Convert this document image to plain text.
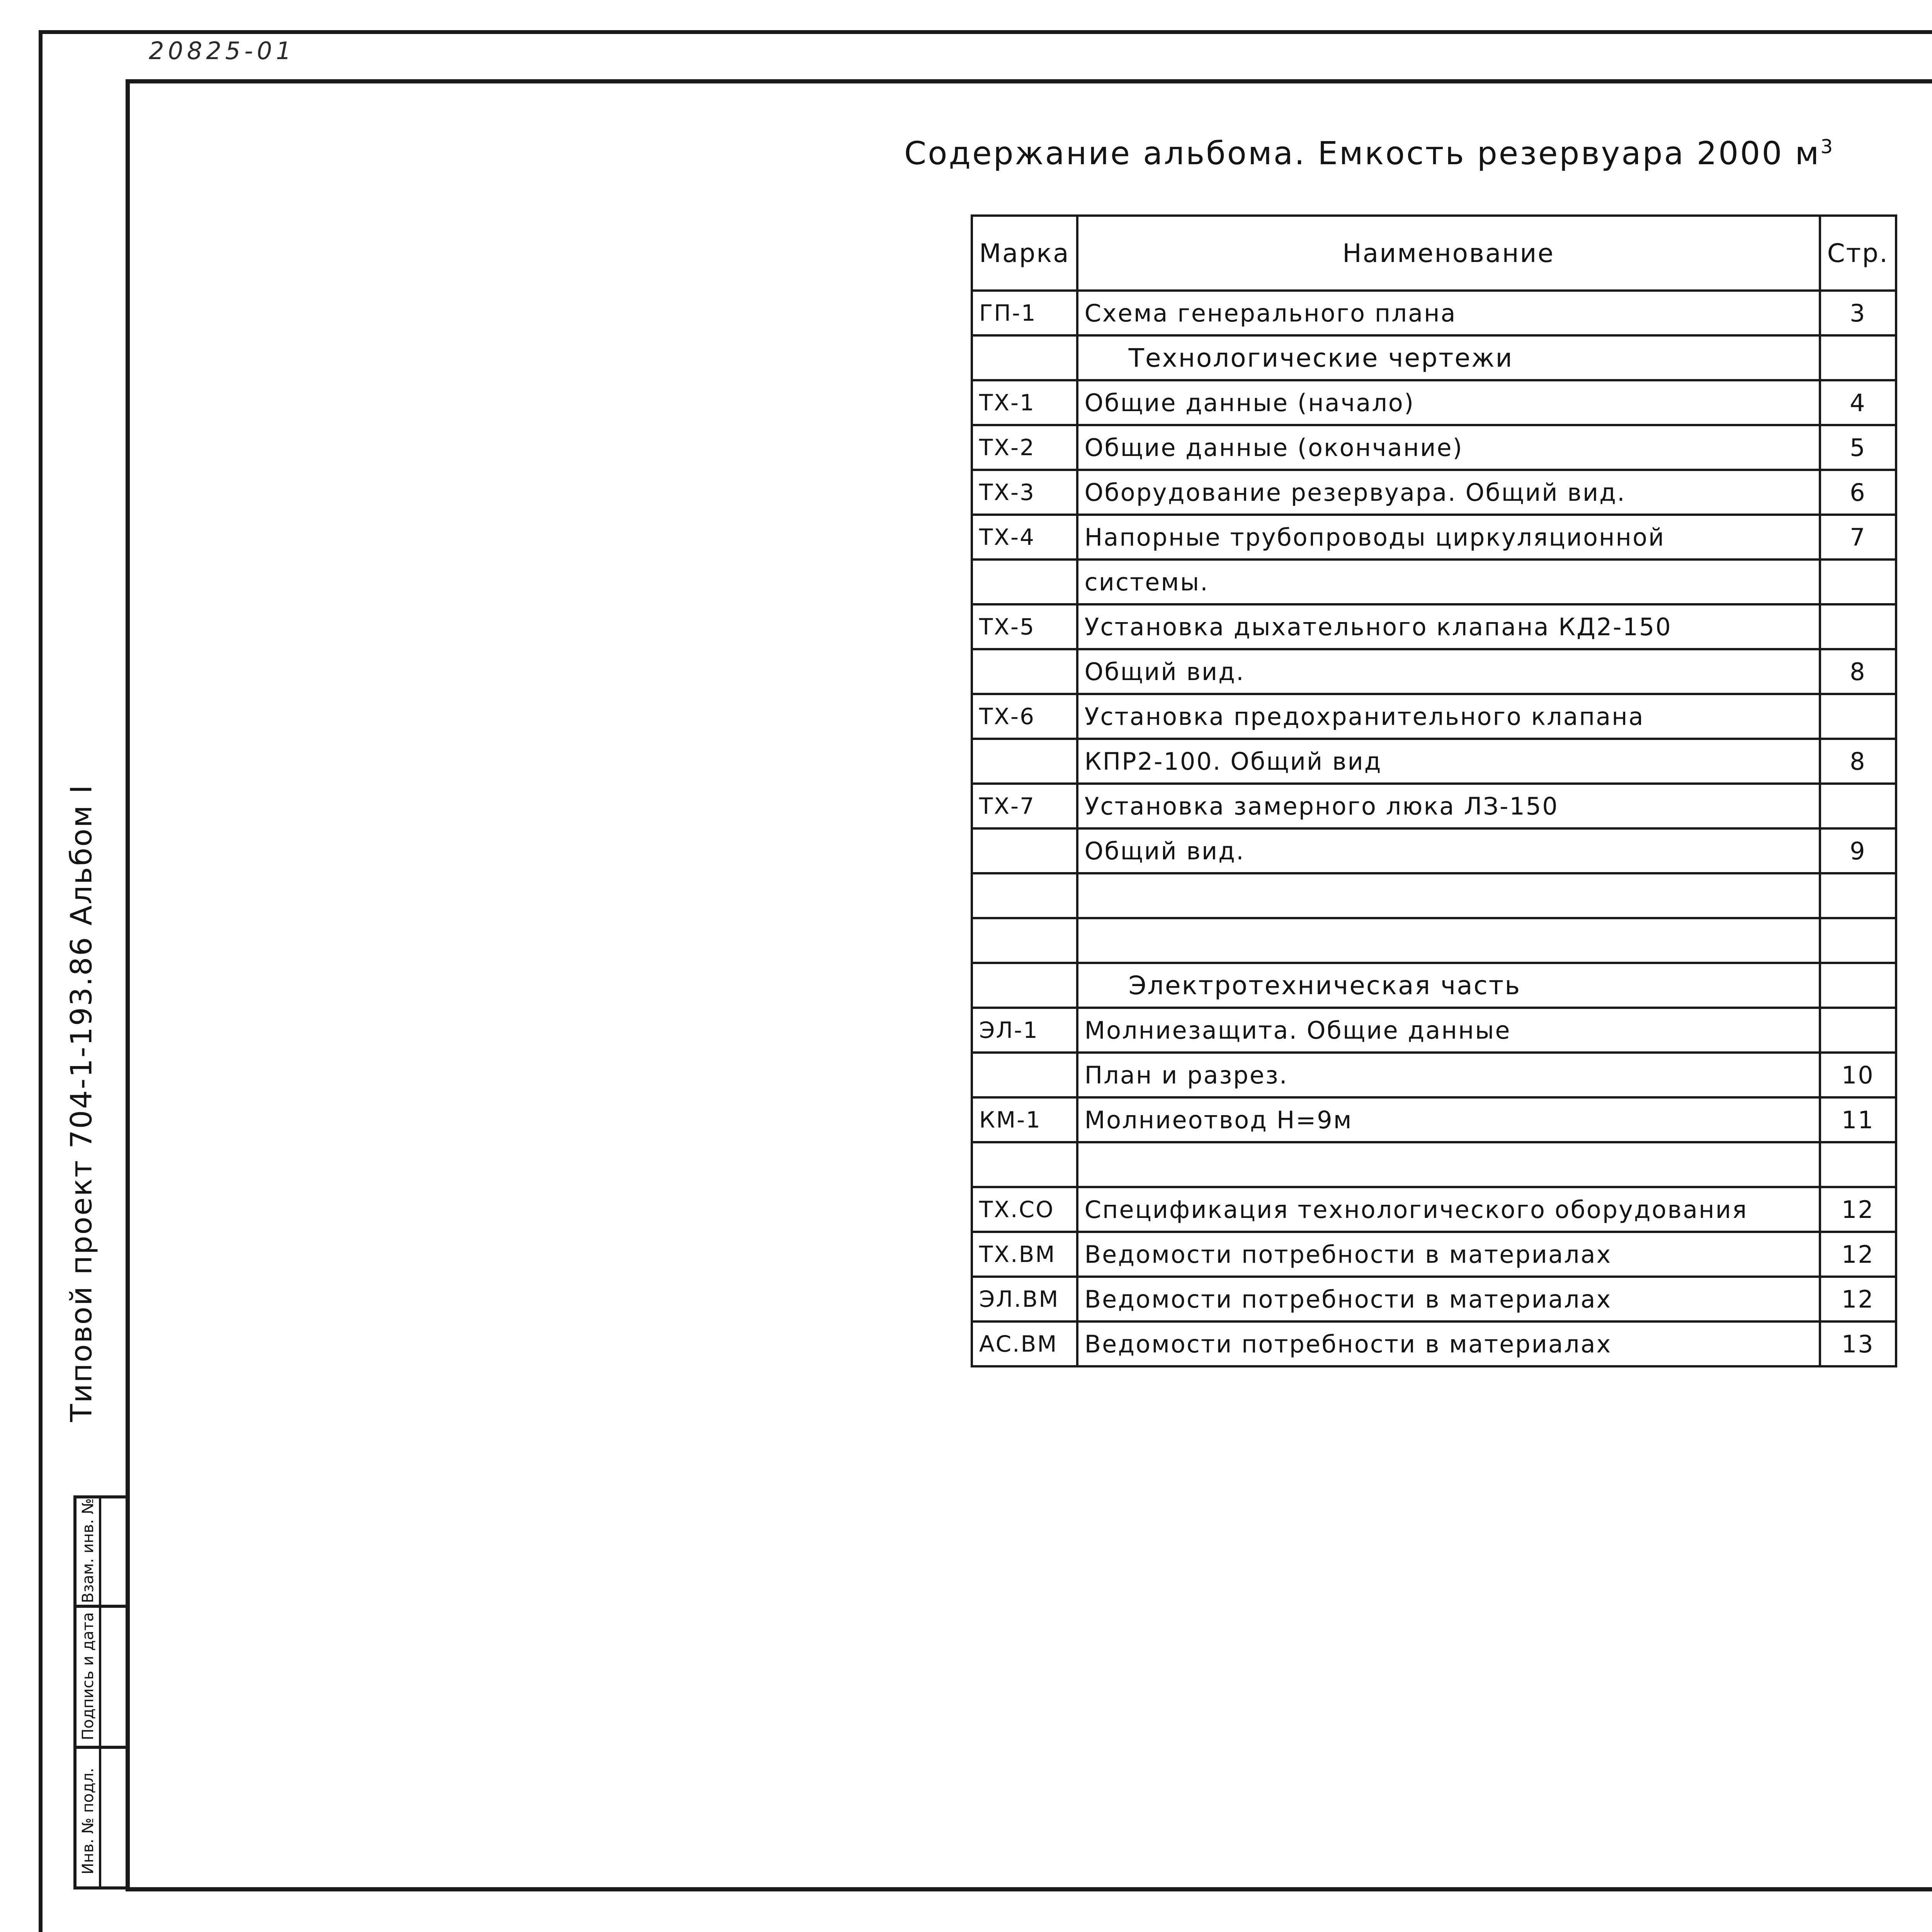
20825-01
Содержание альбома. Емкость резервуара 2000 $м^3$
Марка	Наименование	Стр.
ГП-1	Схема генерального плана	3
	Технологические чертежи	
ТХ-1	Общие данные (начало)	4
ТХ-2	Общие данные (окончание)	5
ТХ-3	Оборудование резервуара. Общий вид.	6
ТХ-4	Напорные трубопроводы циркуляционной	7
	системы.	
ТХ-5	Установка дыхательного клапана КД2-150	
	Общий вид.	8
ТХ-6	Установка предохранительного клапана	
	КПР2-100. Общий вид	8
ТХ-7	Установка замерного люка ЛЗ-150	
	Общий вид.	9

	Электротехническая часть	
ЭЛ-1	Молниезащита. Общие данные	
	План и разрез.	10
КМ-1	Молниеотвод Н=9м	11

ТХ.СО	Спецификация технологического оборудования	12
ТХ.ВМ	Ведомости потребности в материалах	12
ЭЛ.ВМ	Ведомости потребности в материалах	12
АС.ВМ	Ведомости потребности в материалах	13
Типовой проект 704-1-193.86 Альбом I
Инв. № подл.
Подпись и дата
Взам. инв. №
